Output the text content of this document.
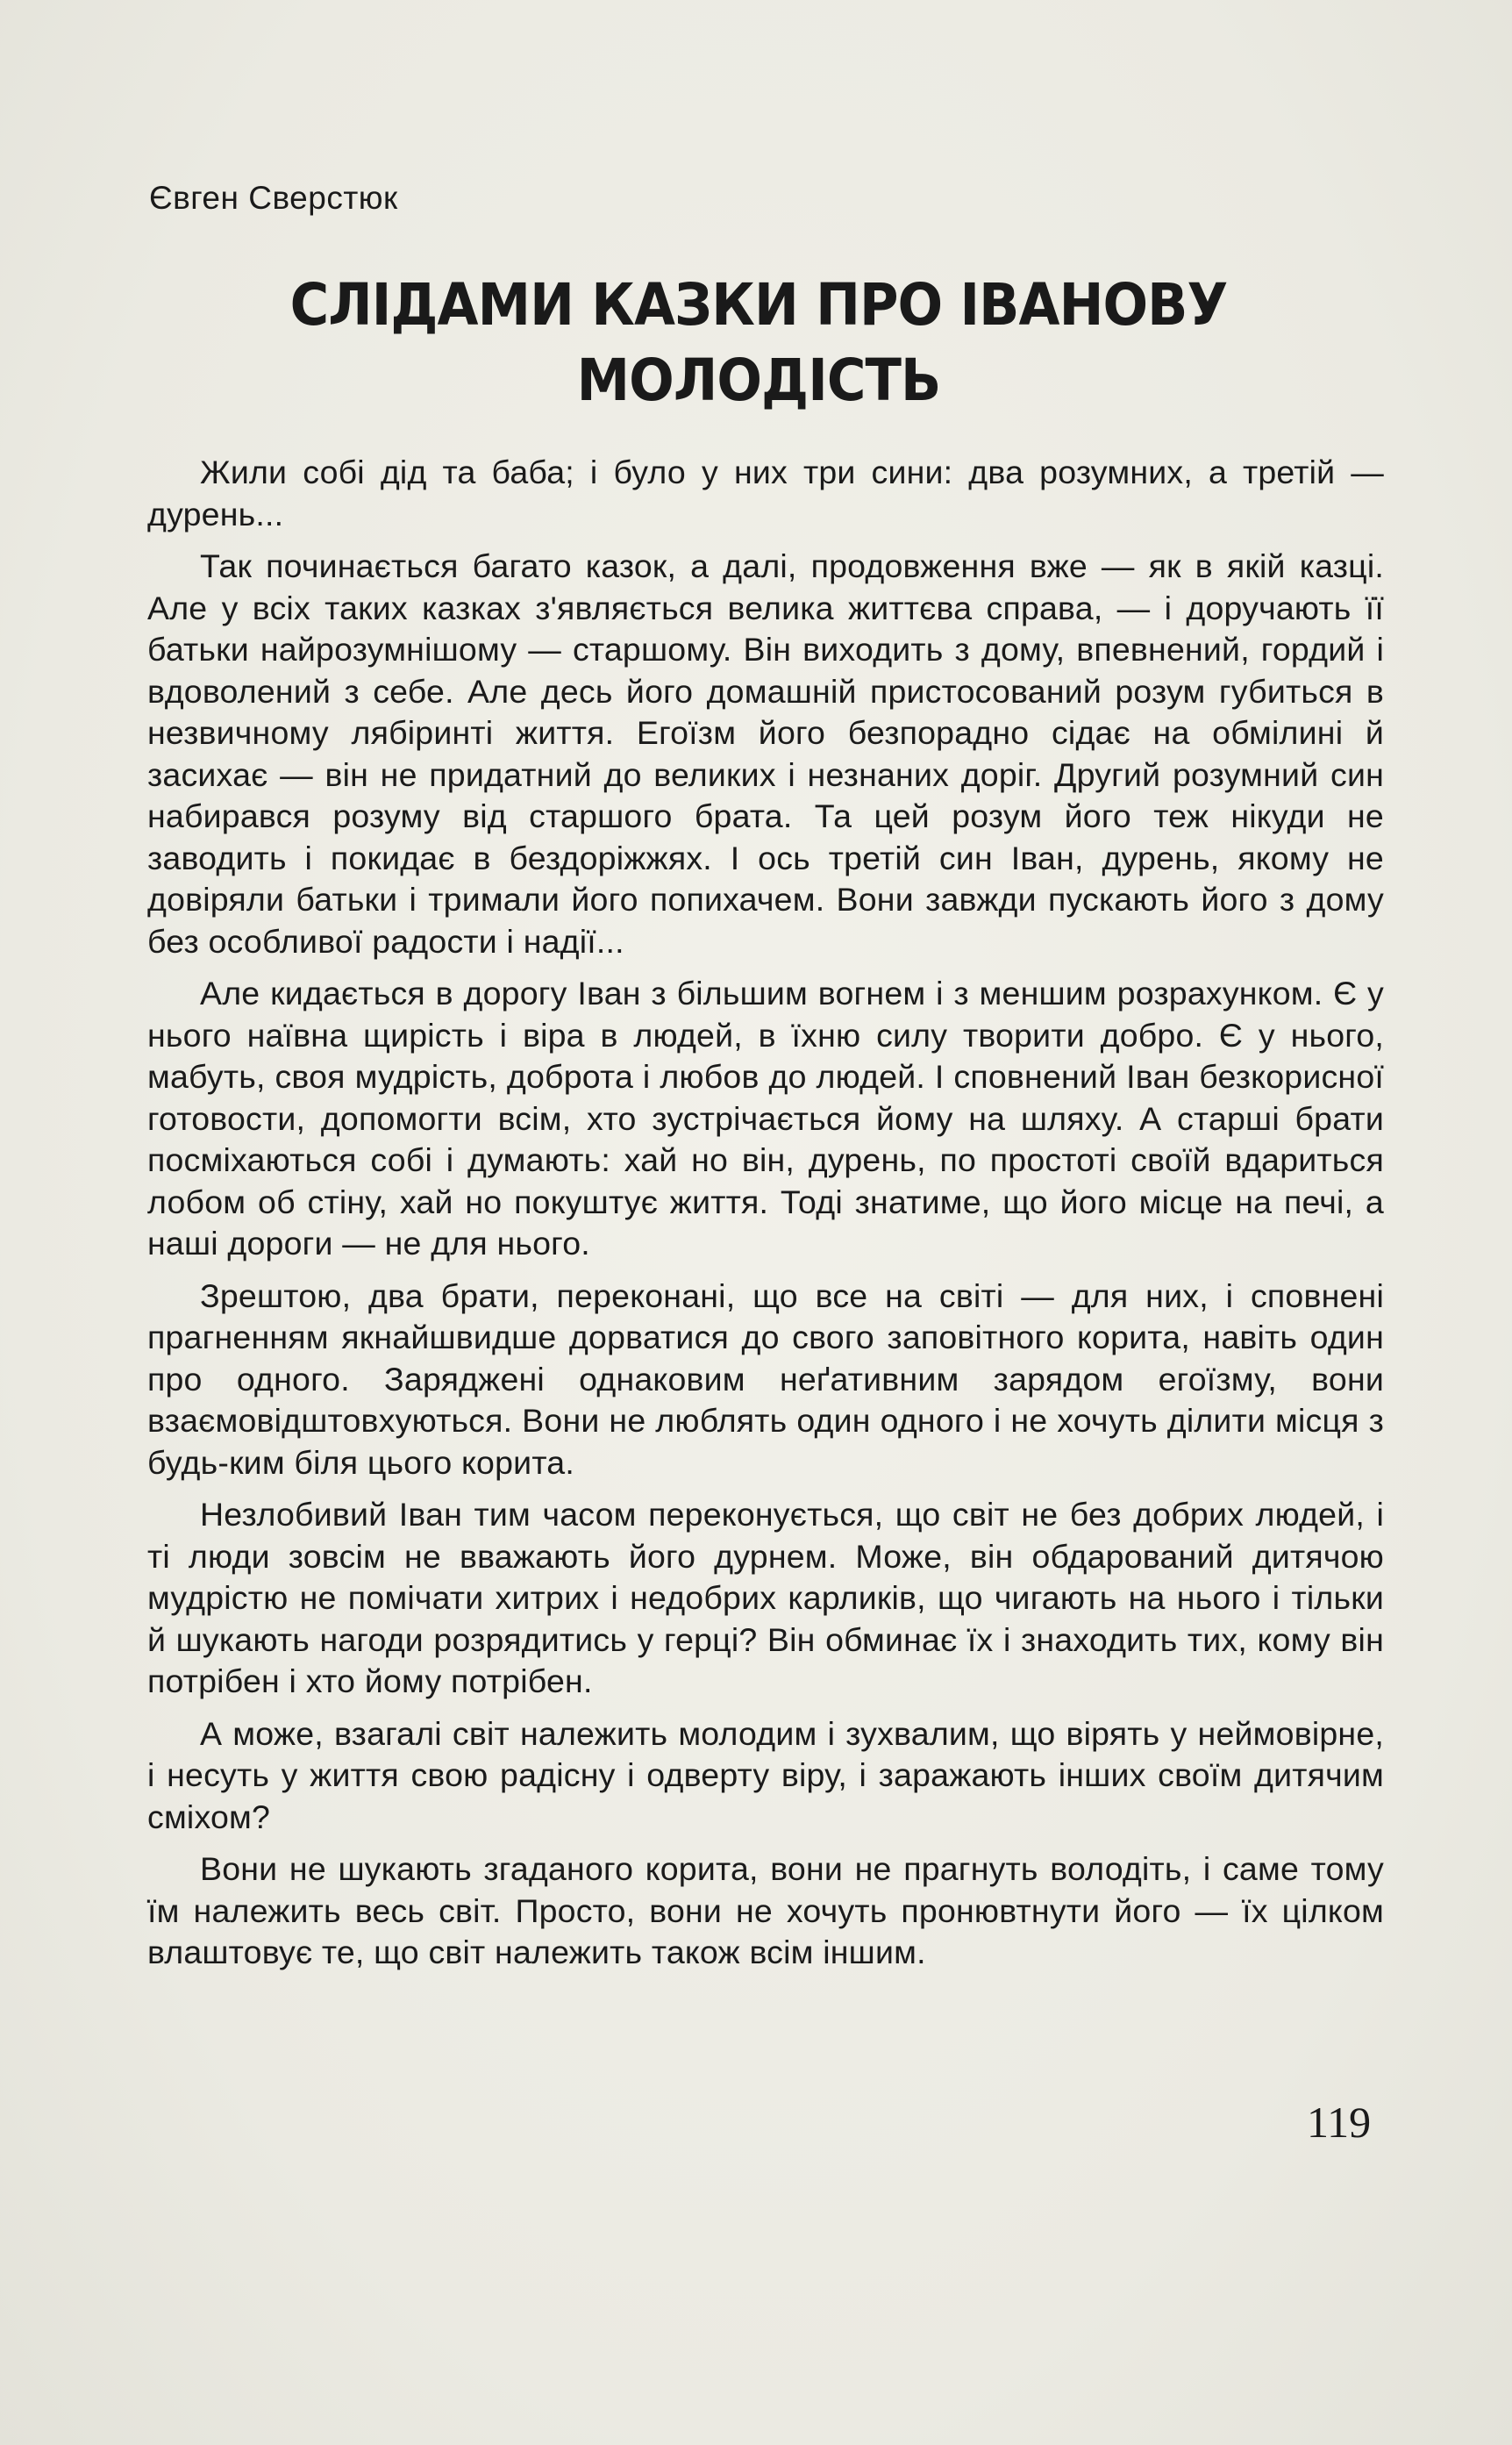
Євген Сверстюк
СЛІДАМИ КАЗКИ ПРО ІВАНОВУ МОЛОДІСТЬ

Жили собі дід та баба; і було у них три сини: два розумних, а третій — дурень...

Так починається багато казок, а далі, продовження вже — як в якій казці. Але у всіх таких казках з'являється велика життєва справа, — і доручають її батьки найрозумнішому — старшому. Він виходить з дому, впевнений, гордий і вдоволений з себе. Але десь його домашній пристосований розум губиться в незвичному лябіринті життя. Егоїзм його безпорадно сідає на обмілині й засихає — він не придатний до великих і незнаних доріг. Другий розумний син набирався розуму від старшого брата. Та цей розум його теж нікуди не заводить і покидає в бездоріжжях. І ось третій син Іван, дурень, якому не довіряли батьки і тримали його попихачем. Вони завжди пускають його з дому без особливої радости і надії...

Але кидається в дорогу Іван з більшим вогнем і з меншим розрахунком. Є у нього наївна щирість і віра в людей, в їхню силу творити добро. Є у нього, мабуть, своя мудрість, доброта і любов до людей. І сповнений Іван безкорисної готовости, допомогти всім, хто зустрічається йому на шляху. А старші брати посміхаються собі і думають: хай но він, дурень, по простоті своїй вдариться лобом об стіну, хай но покуштує життя. Тоді знатиме, що його місце на печі, а наші дороги — не для нього.

Зрештою, два брати, переконані, що все на світі — для них, і сповнені прагненням якнайшвидше дорватися до свого заповітного корита, навіть один про одного. Заряджені однаковим неґативним зарядом егоїзму, вони взаємовідштовхуються. Вони не люблять один одного і не хочуть ділити місця з будь-ким біля цього корита.

Незлобивий Іван тим часом переконується, що світ не без добрих людей, і ті люди зовсім не вважають його дурнем. Може, він обдарований дитячою мудрістю не помічати хитрих і недобрих карликів, що чигають на нього і тільки й шукають нагоди розрядитись у герці? Він обминає їх і знаходить тих, кому він потрібен і хто йому потрібен.

А може, взагалі світ належить молодим і зухвалим, що вірять у неймовірне, і несуть у життя свою радісну і одверту віру, і заражають інших своїм дитячим сміхом?

Вони не шукають згаданого корита, вони не прагнуть володіть, і саме тому їм належить весь світ. Просто, вони не хочуть пронювтнути його — їх цілком влаштовує те, що світ належить також всім іншим.

119
